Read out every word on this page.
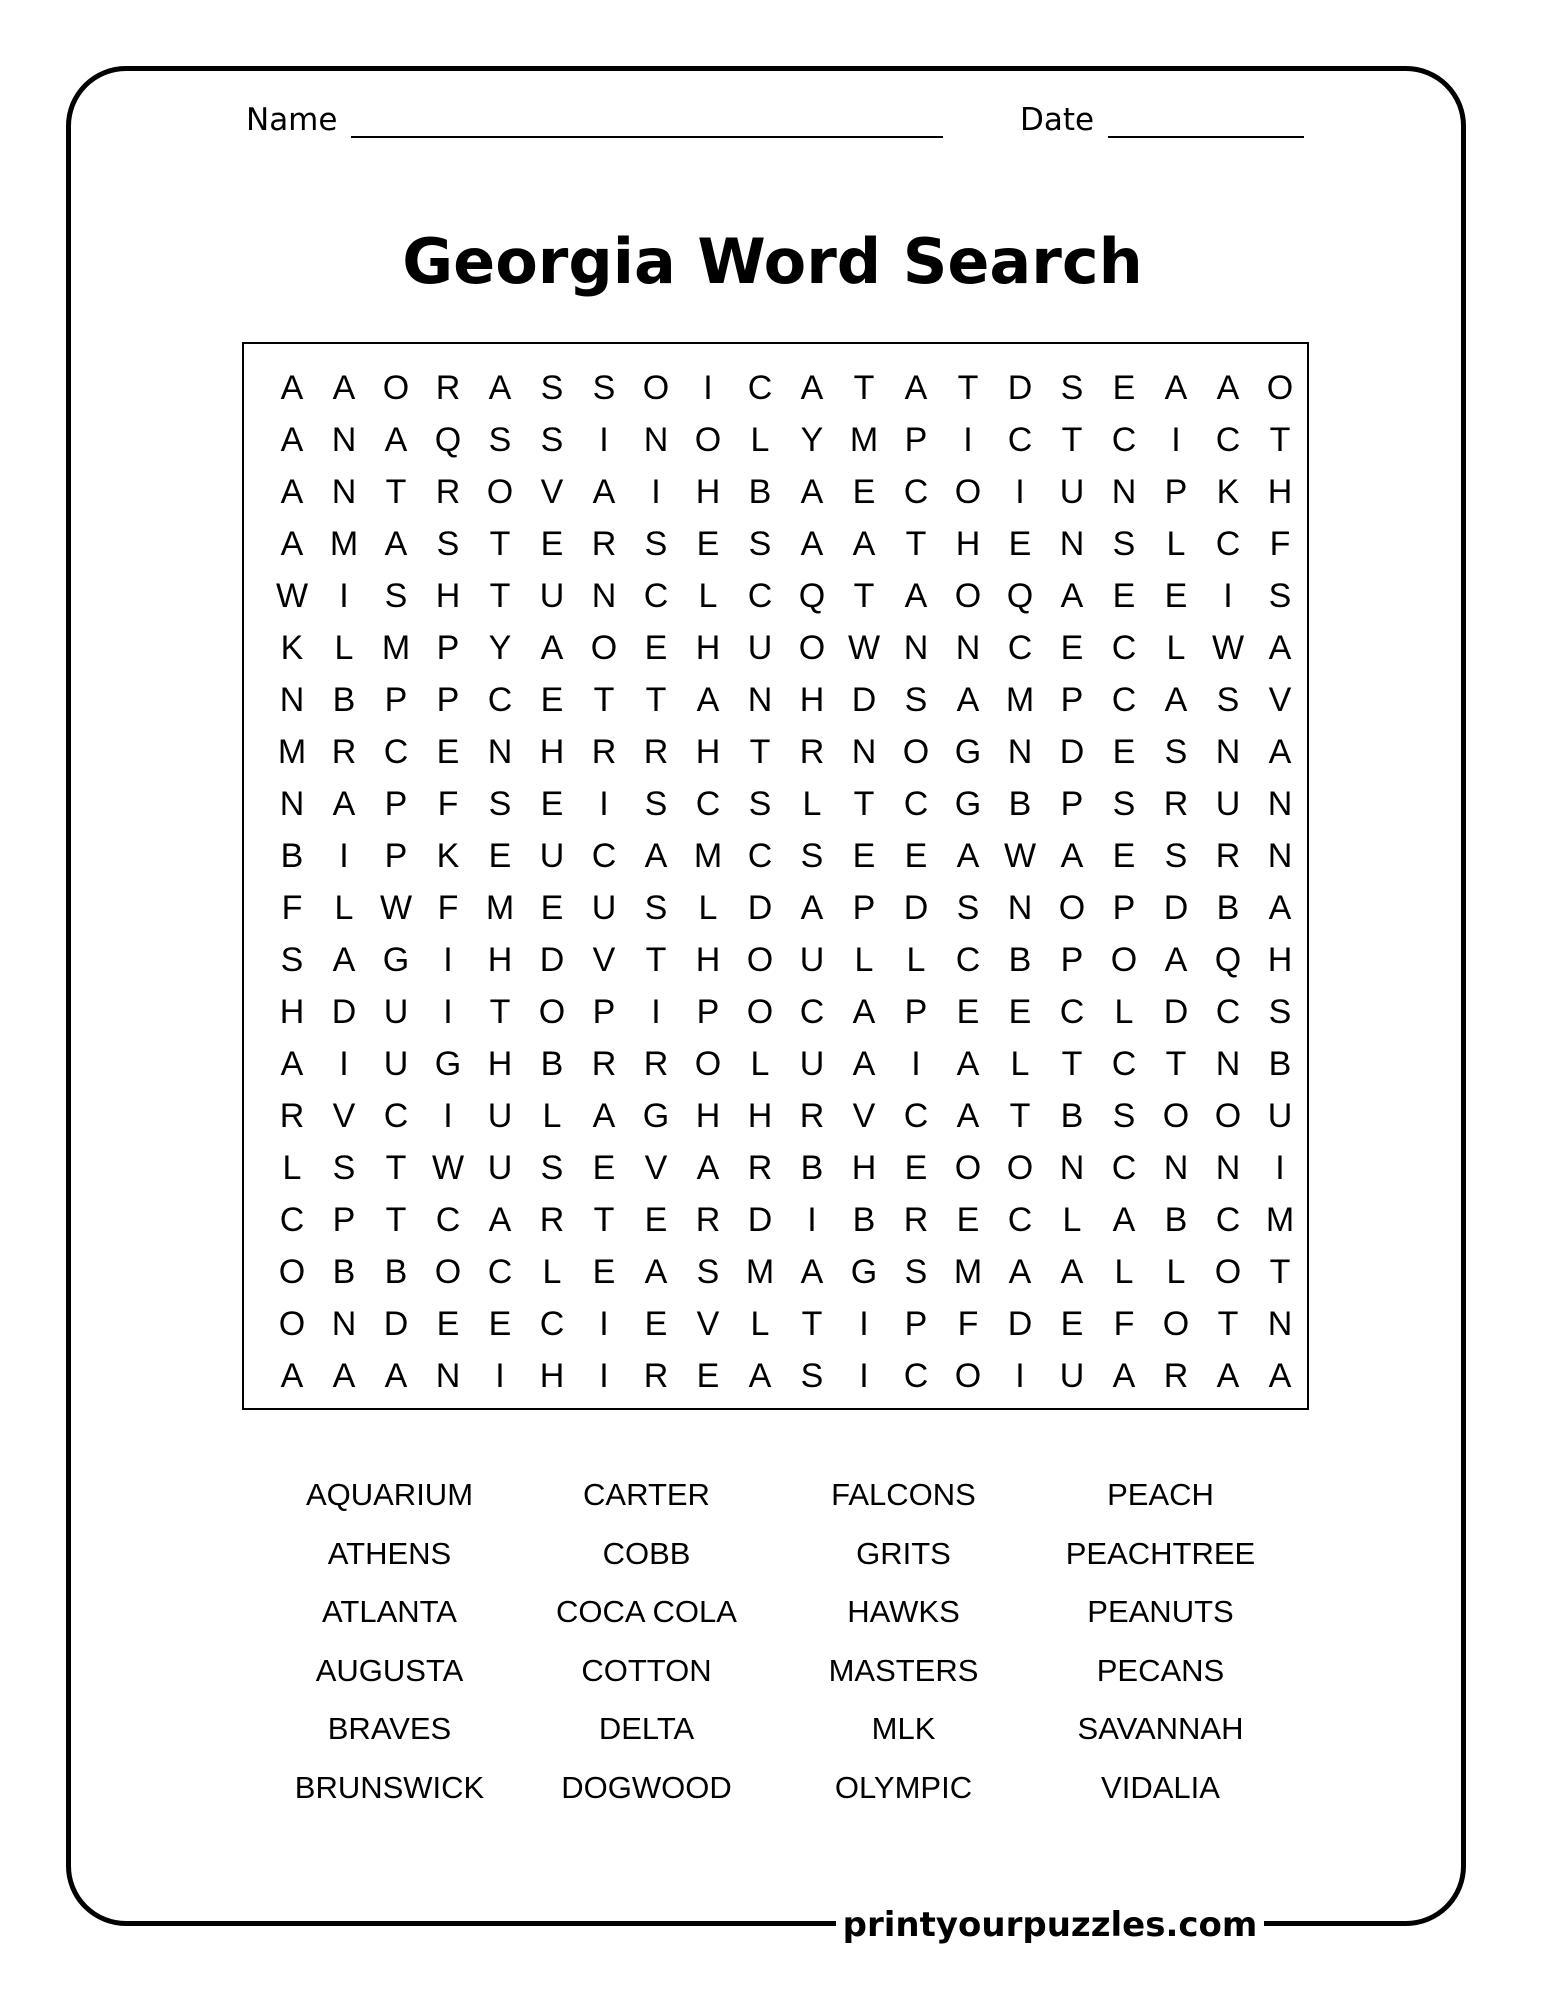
Name	Date
Georgia Word Search
A A O R A S S O	I	C A T A T D S E A A O
A N A Q S S	I	N O L Y M P	I	C T C	I	C T
A N T R O V A	I	H B A E C O	I	U N P K H
A M A S T E R S E S A A T H E N S L C F
W I	S H T U N C L C Q T A O Q A E E	I	S
K L M P Y A O E H U O W N N C E C L W A
N B P P C E T T A N H D S A M P C A S V
M R C E N H R R H T R N O G N D E S N A
N A P F S E	I	S C S L T C G B P S R U N
B	I	P K E U C A M C S E E A W A E S R N
F L W F M E U S L D A P D S N O P D B A
S A G	I	H D V T H O U L L C B P O A Q H
H D U	I	T O P	I	P O C A P E E C L D C S
A	I	U G H B R R O L U A	I	A L T C T N B
R V C	I	U L A G H H R V C A T B S O O U
L S T W U S E V A R B H E O O N C N N	I
C P T C A R T E R D	I	B R E C L A B C M
O B B O C L E A S M A G S M A A L L O T
O N D E E C	I	E V L T	I	P F D E F O T N
A A A N	I	H	I	R E A S	I	C O	I	U A R A A
AQUARIUM	CARTER	FALCONS	PEACH
ATHENS	COBB	GRITS	PEACHTREE
ATLANTA	COCA COLA	HAWKS	PEANUTS
AUGUSTA	COTTON	MASTERS	PECANS
BRAVES	DELTA	MLK	SAVANNAH
BRUNSWICK	DOGWOOD	OLYMPIC	VIDALIA
printyourpuzzles.com
